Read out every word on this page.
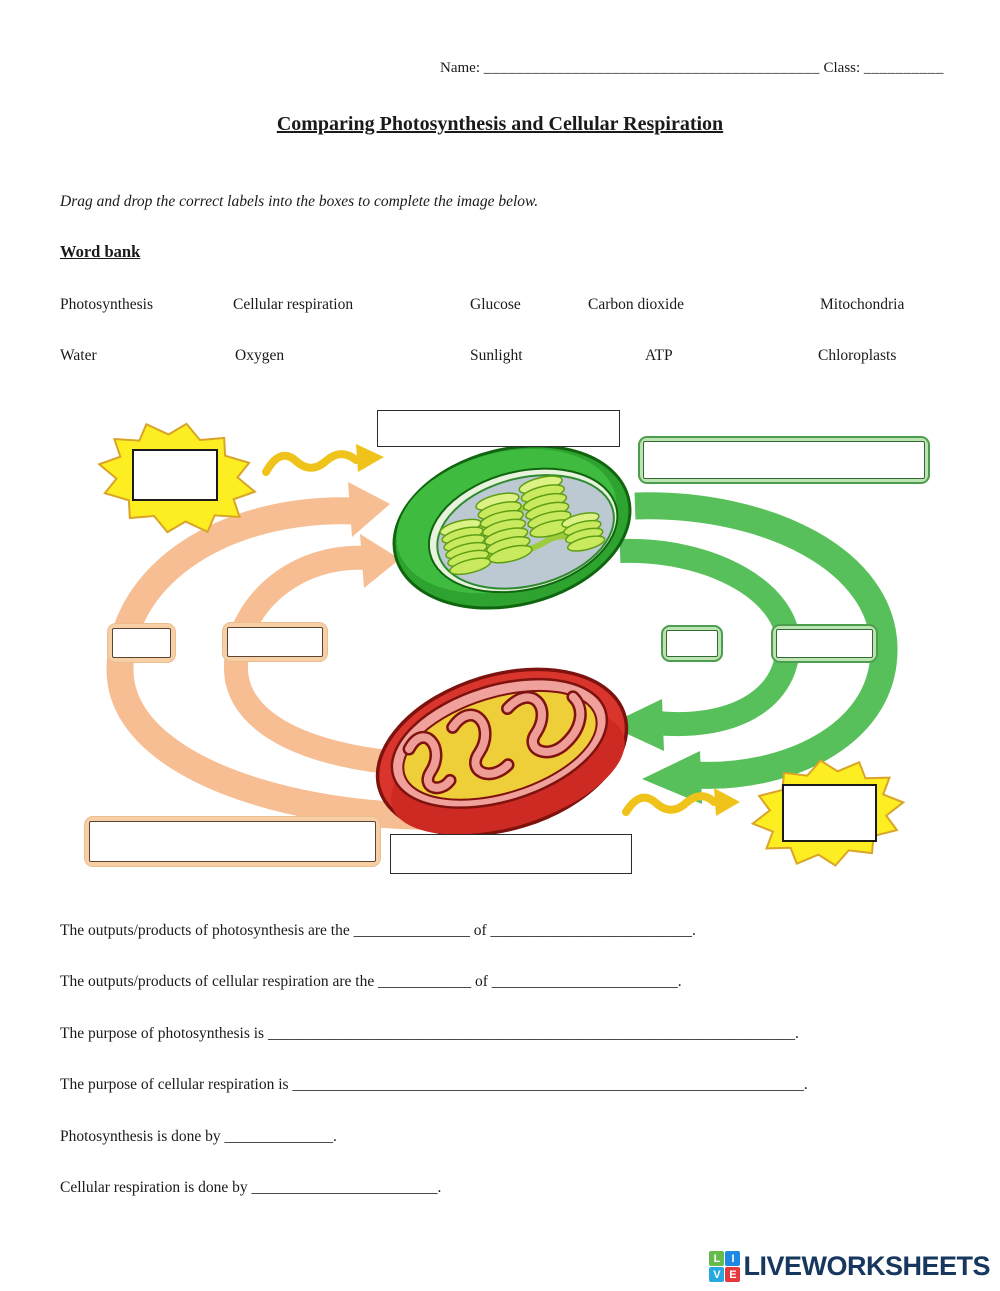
Name: __________________________________________ Class: __________
Comparing Photosynthesis and Cellular Respiration
Drag and drop the correct labels into the boxes to complete the image below.
Word bank
Photosynthesis	Cellular respiration	Glucose	Carbon dioxide	Mitochondria
Water	Oxygen	Sunlight	ATP	Chloroplasts

The outputs/products of photosynthesis are the _______________ of __________________________.

The outputs/products of cellular respiration are the ____________ of ________________________.

The purpose of photosynthesis is ____________________________________________________________________.

The purpose of cellular respiration is __________________________________________________________________.

Photosynthesis is done by ______________.

Cellular respiration is done by ________________________.

L	I
V E LIVEWORKSHEETS
